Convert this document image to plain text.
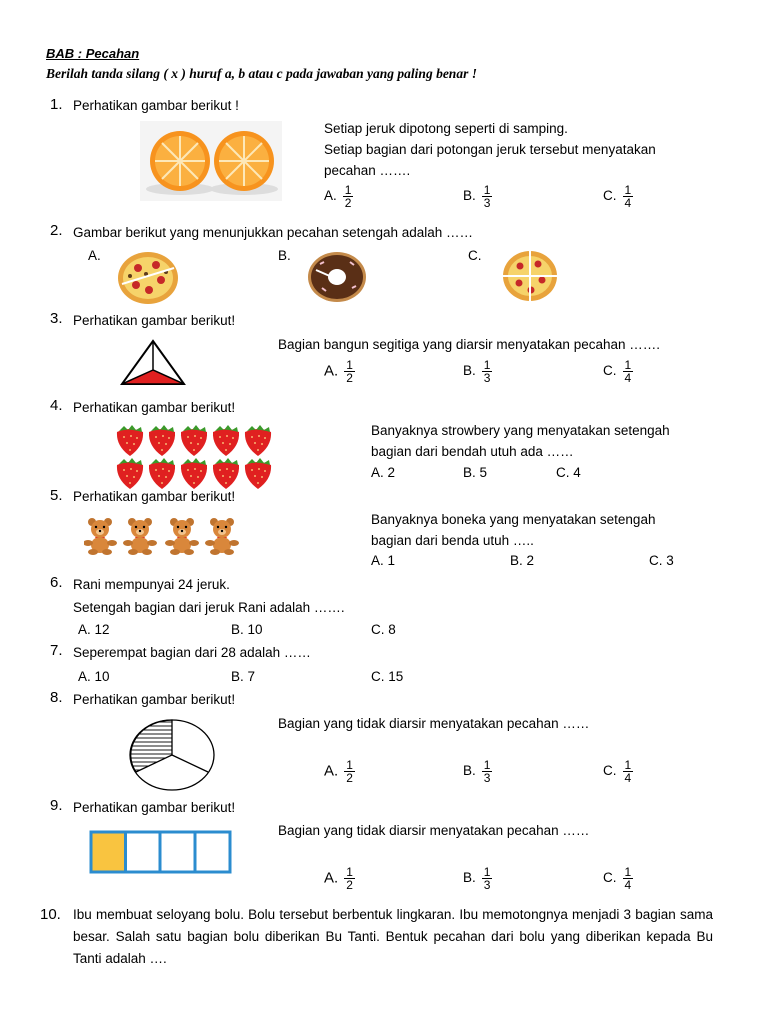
BAB : Pecahan
Berilah tanda silang ( x ) huruf a, b atau c pada jawaban yang paling benar !
1. Perhatikan gambar berikut !
Setiap jeruk dipotong seperti di samping.
Setiap bagian dari potongan jeruk tersebut menyatakan
pecahan …….
A. $\frac{1}{2}$	B. $\frac{1}{3}$	C. $\frac{1}{4}$
2. Gambar berikut yang menunjukkan pecahan setengah adalah ……
A.	B.	C.
3. Perhatikan gambar berikut!
Bagian bangun segitiga yang diarsir menyatakan pecahan …….
A. $\frac{1}{2}$	B. $\frac{1}{3}$	C. $\frac{1}{4}$
4. Perhatikan gambar berikut!
Banyaknya strowbery yang menyatakan setengah
bagian dari bendah utuh ada ……
A. 2	B. 5	C. 4
5. Perhatikan gambar berikut!
Banyaknya boneka yang menyatakan setengah
bagian dari benda utuh …..
A. 1	B. 2	C. 3
6. Rani mempunyai 24 jeruk.
Setengah bagian dari jeruk Rani adalah …….
A. 12	B. 10	C. 8
7. Seperempat bagian dari 28 adalah ……
A. 10	B. 7	C. 15
8. Perhatikan gambar berikut!
Bagian yang tidak diarsir menyatakan pecahan ……
A. $\frac{1}{2}$	B. $\frac{1}{3}$	C. $\frac{1}{4}$
9. Perhatikan gambar berikut!
Bagian yang tidak diarsir menyatakan pecahan ……
A. $\frac{1}{2}$	B. $\frac{1}{3}$	C. $\frac{1}{4}$
10. Ibu membuat seloyang bolu. Bolu tersebut berbentuk lingkaran. Ibu memotongnya menjadi 3 bagian sama besar. Salah satu bagian bolu diberikan Bu Tanti. Bentuk pecahan dari bolu yang diberikan kepada Bu Tanti adalah ….
